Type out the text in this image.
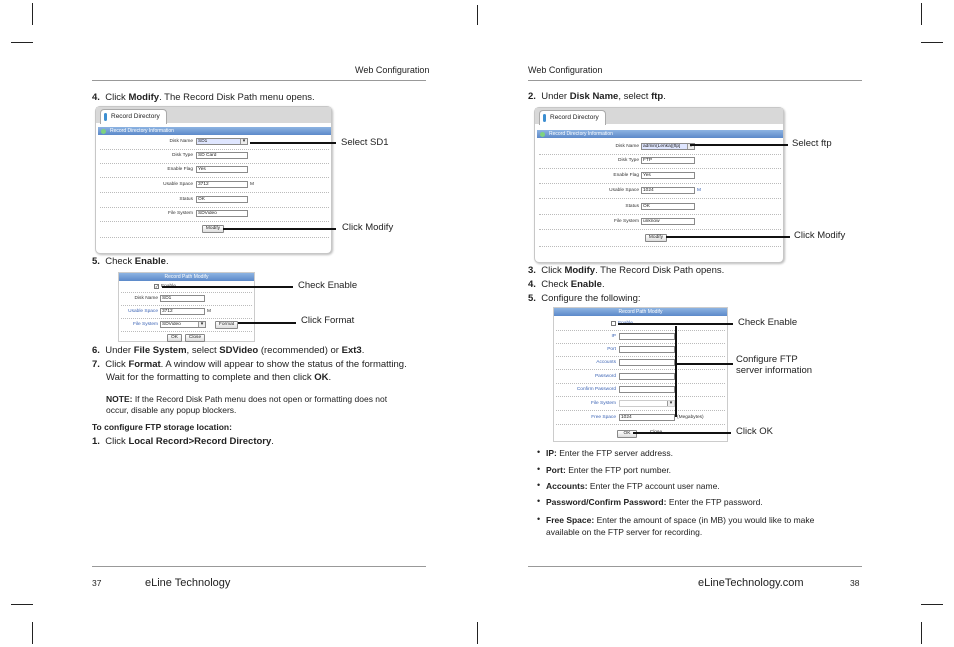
Web Configuration
4. Click Modify. The Record Disk Path menu opens.
Record Directory
Record Directory Information
Disk Name	SD1 ▾
Disk Type	SD Card
Enable Flag	Yes
Usable Space	3712	M
Status	OK
File System	SDVideo
Modify
Select SD1
Click Modify
5. Check Enable.
Record Path Modify
✓
Disk Name SD1
Usable Space 3712	M
File System SDVideo ▾	Format
OK	Close
Check Enable
Click Format
6. Under File System, select SDVideo (recommended) or Ext3.
7. Click Format. A window will appear to show the status of the formatting.
Wait for the formatting to complete and then click OK.
NOTE: If the Record Disk Path menu does not open or formatting does not
occur, disable any popup blockers.
To configure FTP storage location:
1. Click Local Record>Record Directory.
37	eLine Technology
Web Configuration
2. Under Disk Name, select ftp.
Record Directory
Record Directory Information
Disk Name admin(Lenka)[ftp] ▾
Disk Type FTP
Enable Flag Yes
Usable Space 1024	M
Status OK
File System unknow
Modify
Select ftp
Click Modify
3. Click Modify. The Record Disk Path opens.
4. Check Enable.
5. Configure the following:
Record Path Modify
IP
Port
Accounts
Password
Confirm Password
File System
▾
Free Space	1024	(Megabytes)
OK
Check Enable
Configure FTP
server information
Click OK
• IP: Enter the FTP server address.
• Port: Enter the FTP port number.
• Accounts: Enter the FTP account user name.
• Password/Confirm Password: Enter the FTP password.
• Free Space: Enter the amount of space (in MB) you would like to make
available on the FTP server for recording.
eLineTechnology.com	38
